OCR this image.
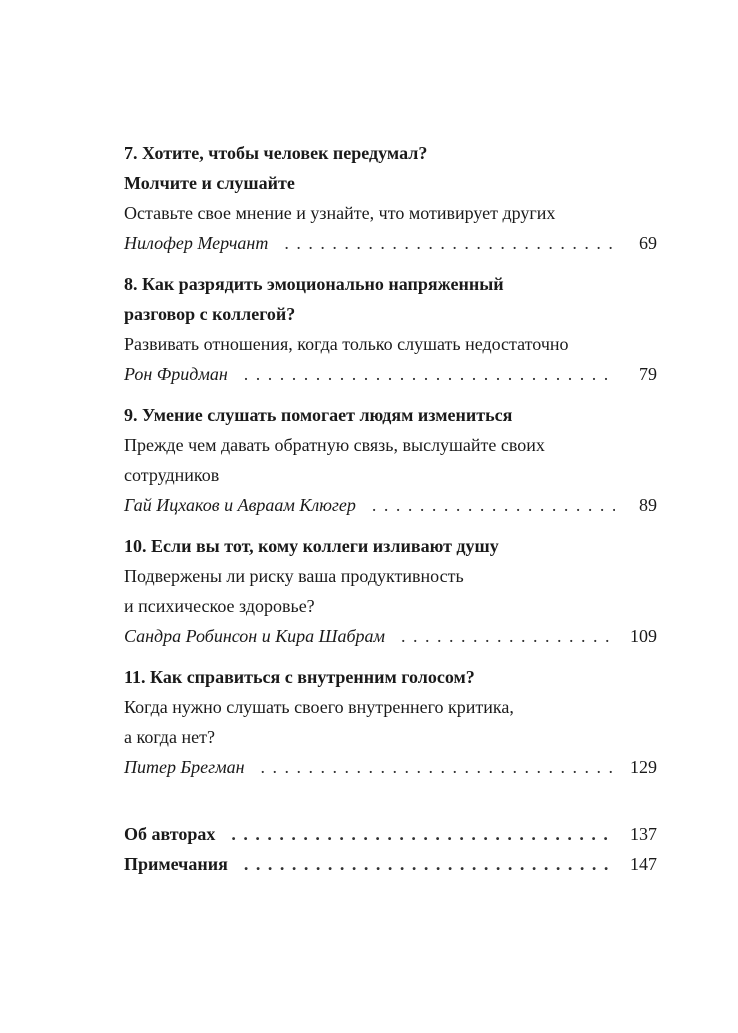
7. Хотите, чтобы человек передумал?
Молчите и слушайте
Оставьте свое мнение и узнайте, что мотивирует других
Нилофер Мерчант . . .	69
8. Как разрядить эмоционально напряженный
разговор с коллегой?
Развивать отношения, когда только слушать недостаточно
Рон Фридман . . .	79
9. Умение слушать помогает людям измениться
Прежде чем давать обратную связь, выслушайте своих
сотрудников
Гай Ицхаков и Авраам Клюгер . . .	89
10. Если вы тот, кому коллеги изливают душу
Подвержены ли риску ваша продуктивность
и психическое здоровье?
Сандра Робинсон и Кира Шабрам . . .	109
11. Как справиться с внутренним голосом?
Когда нужно слушать своего внутреннего критика,
а когда нет?
Питер Брегман . . .	129
Об авторах . . .	137
Примечания . . .	147
